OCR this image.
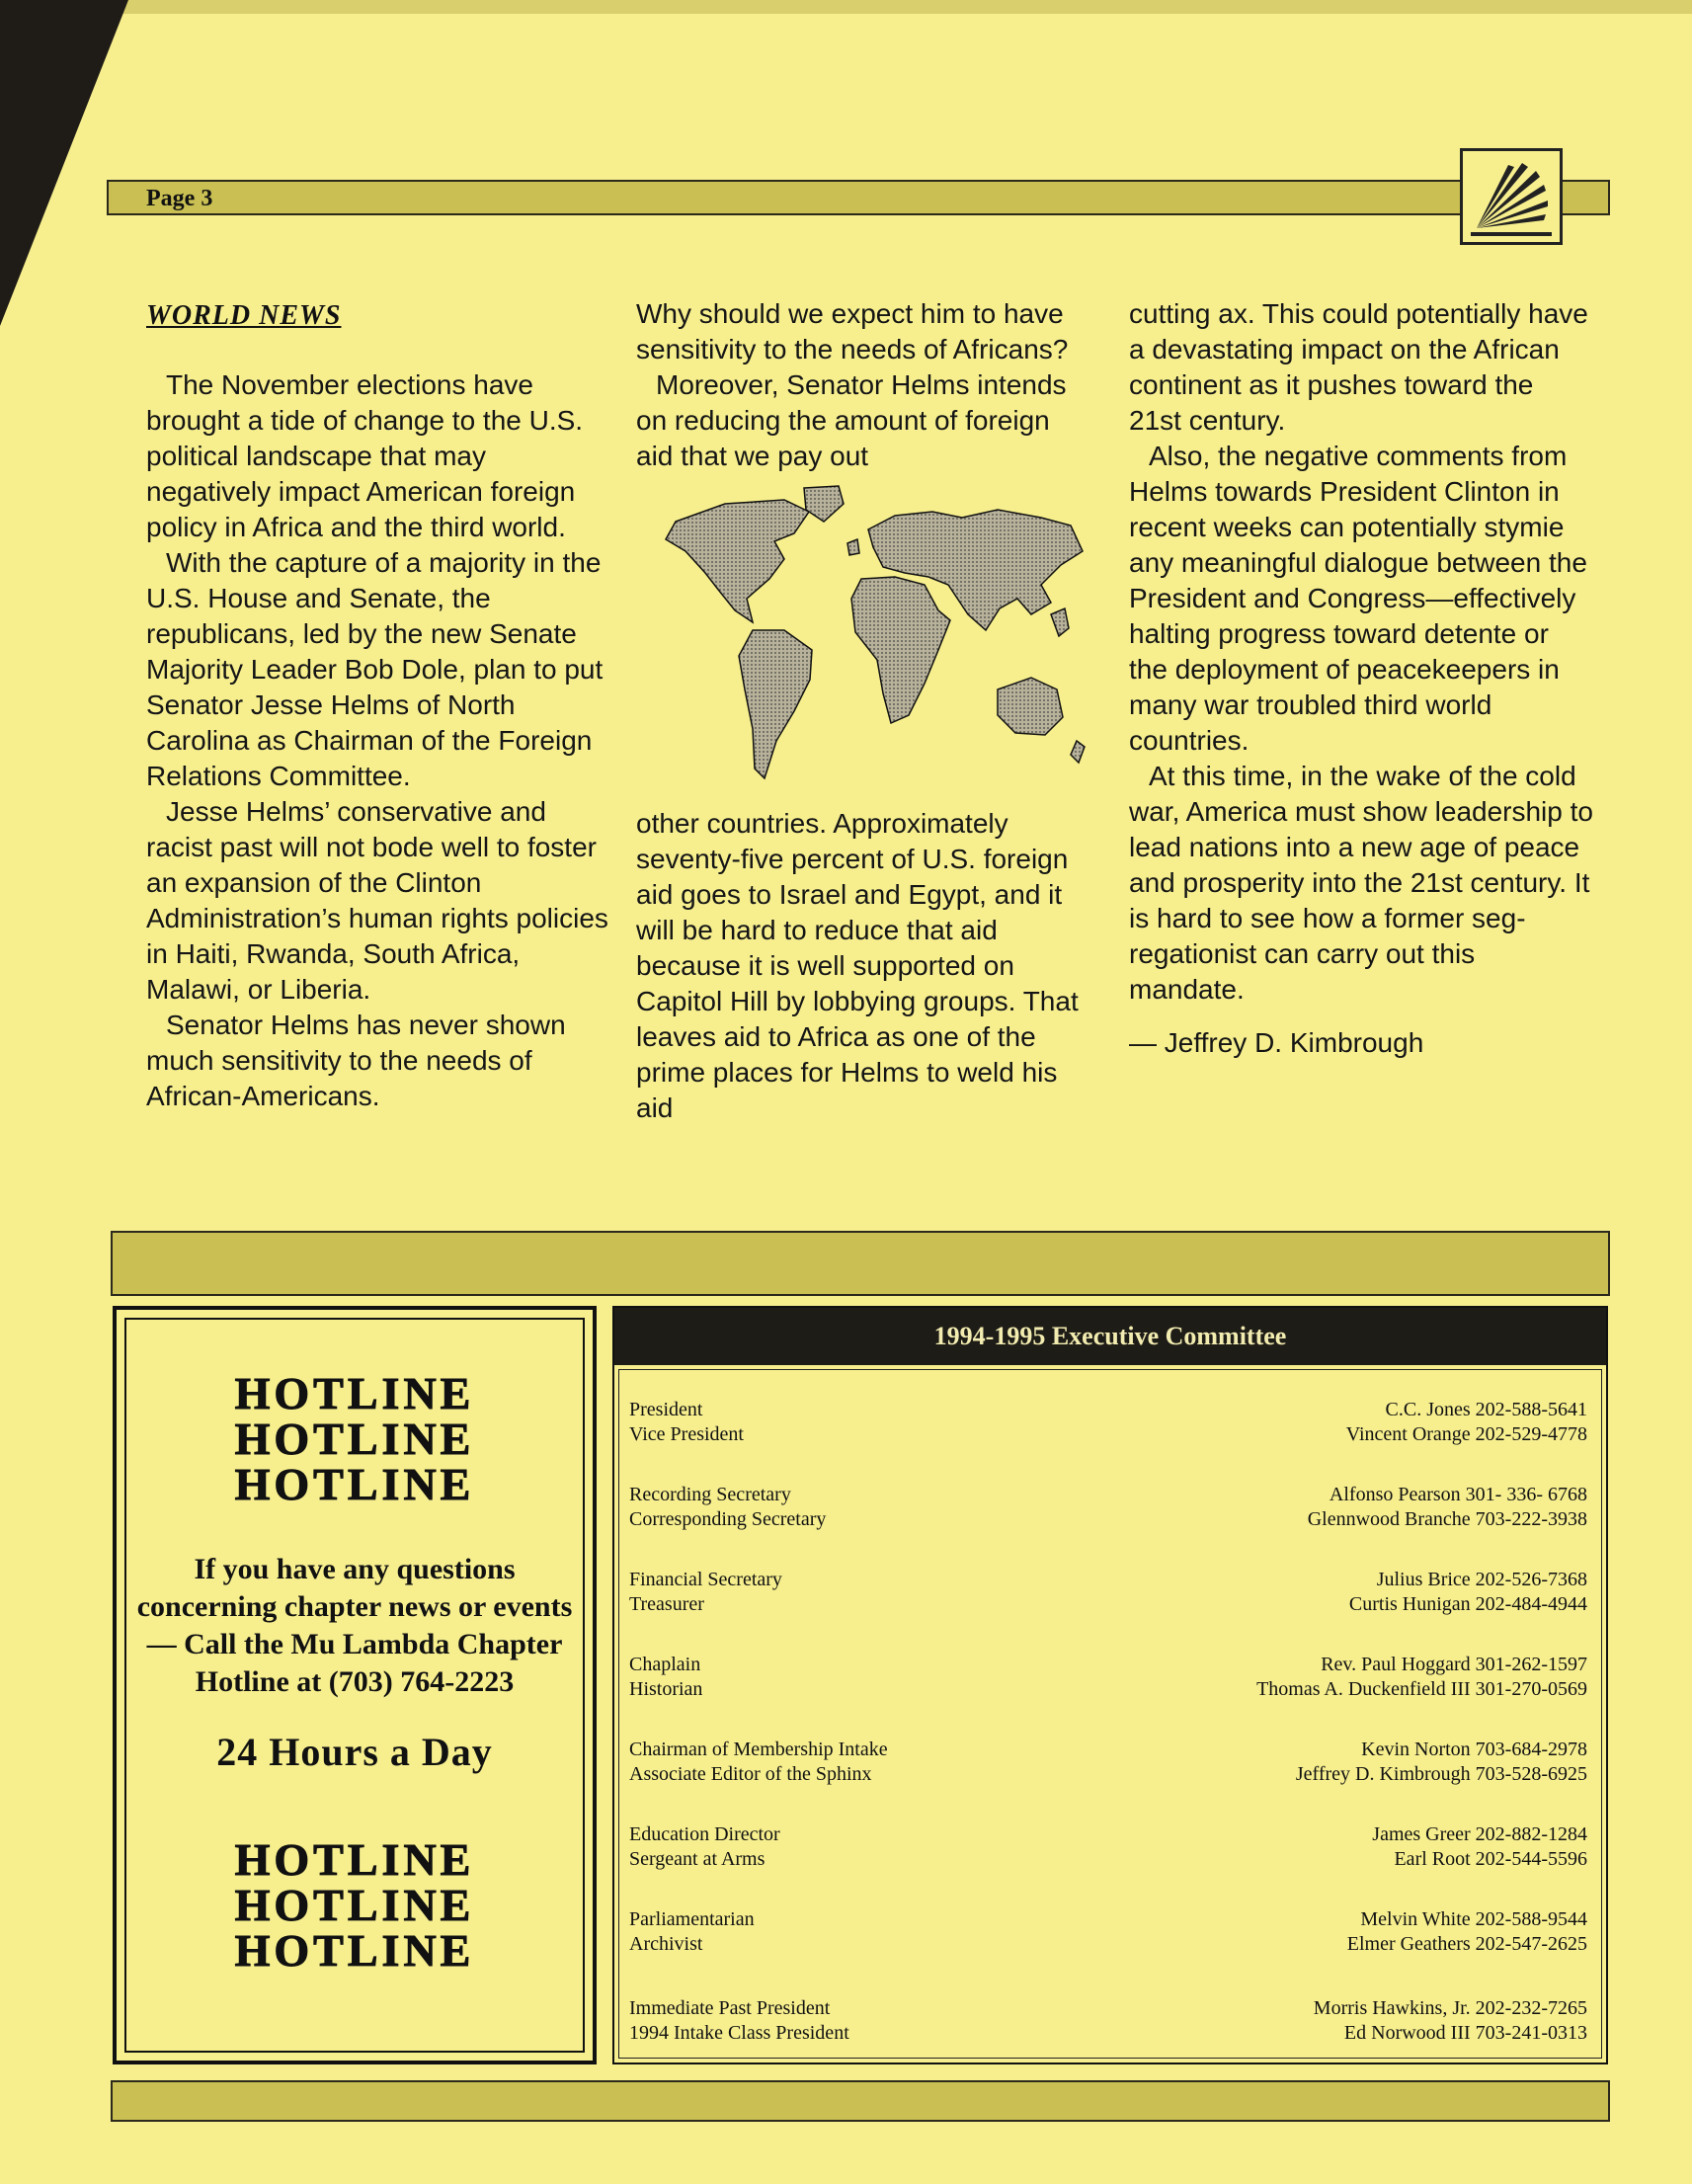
Page 3
WORLD NEWS

The November elections have brought a tide of change to the U.S. political landscape that may negatively impact American foreign policy in Africa and the third world.

With the capture of a majority in the U.S. House and Senate, the republicans, led by the new Senate Majority Leader Bob Dole, plan to put Senator Jesse Helms of North Carolina as Chairman of the Foreign Relations Committee.

Jesse Helms’ conservative and racist past will not bode well to foster an expansion of the Clinton Administration’s human rights policies in Haiti, Rwanda, South Africa, Malawi, or Liberia.

Senator Helms has never shown much sensitivity to the needs of African-Americans.

Why should we expect him to have sensitivity to the needs of Africans?

Moreover, Senator Helms intends on reducing the amount of foreign aid that we pay out

other countries. Approximately seventy-five percent of U.S. foreign aid goes to Israel and Egypt, and it will be hard to reduce that aid because it is well supported on Capitol Hill by lobbying groups. That leaves aid to Africa as one of the prime places for Helms to weld his aid

cutting ax. This could potentially have a devastating impact on the African continent as it pushes toward the 21st century.

Also, the negative comments from Helms towards President Clinton in recent weeks can potentially stymie any meaningful dialogue between the President and Congress—effectively halting progress toward detente or the deployment of peacekeepers in many war troubled third world countries.

At this time, in the wake of the cold war, America must show leadership to lead nations into a new age of peace and prosperity into the 21st century. It is hard to see how a former seg-regationist can carry out this mandate.

— Jeffrey D. Kimbrough

HOTLINE
HOTLINE
HOTLINE
If you have any questions concerning chapter news or events— Call the Mu Lambda Chapter Hotline at (703) 764-2223
24 Hours a Day
HOTLINE
HOTLINE
HOTLINE
1994-1995 Executive Committee
President
Vice President
C.C. Jones 202-588-5641
Vincent Orange 202-529-4778
Recording Secretary
Corresponding Secretary
Alfonso Pearson 301- 336- 6768
Glennwood Branche 703-222-3938
Financial Secretary
Treasurer
Julius Brice 202-526-7368
Curtis Hunigan 202-484-4944
Chaplain
Historian
Rev. Paul Hoggard 301-262-1597
Thomas A. Duckenfield III 301-270-0569
Chairman of Membership Intake
Associate Editor of the Sphinx
Kevin Norton 703-684-2978
Jeffrey D. Kimbrough 703-528-6925
Education Director
Sergeant at Arms
James Greer 202-882-1284
Earl Root 202-544-5596
Parliamentarian
Archivist
Melvin White 202-588-9544
Elmer Geathers 202-547-2625
Immediate Past President
1994 Intake Class President
Morris Hawkins, Jr. 202-232-7265
Ed Norwood III 703-241-0313
